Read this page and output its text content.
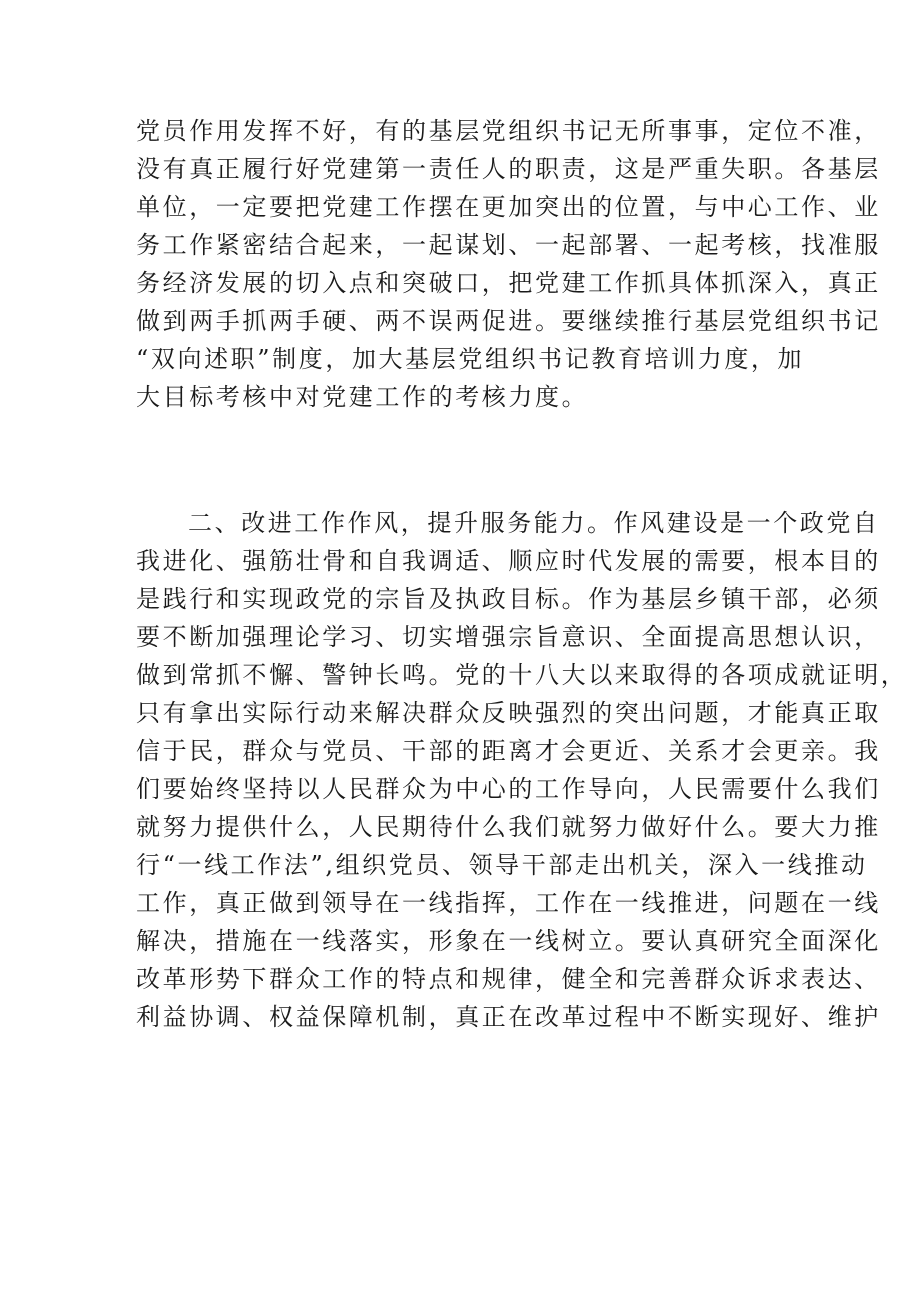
党员作用发挥不好，有的基层党组织书记无所事事，定位不准，
没有真正履行好党建第一责任人的职责，这是严重失职。各基层
单位，一定要把党建工作摆在更加突出的位置，与中心工作、业
务工作紧密结合起来，一起谋划、一起部署、一起考核，找准服
务经济发展的切入点和突破口，把党建工作抓具体抓深入，真正
做到两手抓两手硬、两不误两促进。要继续推行基层党组织书记
“双向述职”制度，加大基层党组织书记教育培训力度，加
大目标考核中对党建工作的考核力度。
二、改进工作作风，提升服务能力。作风建设是一个政党自
我进化、强筋壮骨和自我调适、顺应时代发展的需要，根本目的
是践行和实现政党的宗旨及执政目标。作为基层乡镇干部，必须
要不断加强理论学习、切实增强宗旨意识、全面提高思想认识，
做到常抓不懈、警钟长鸣。党的十八大以来取得的各项成就证明，
只有拿出实际行动来解决群众反映强烈的突出问题，才能真正取
信于民，群众与党员、干部的距离才会更近、关系才会更亲。我
们要始终坚持以人民群众为中心的工作导向，人民需要什么我们
就努力提供什么，人民期待什么我们就努力做好什么。要大力推
行“一线工作法”,组织党员、领导干部走出机关，深入一线推动
工作，真正做到领导在一线指挥，工作在一线推进，问题在一线
解决，措施在一线落实，形象在一线树立。要认真研究全面深化
改革形势下群众工作的特点和规律，健全和完善群众诉求表达、
利益协调、权益保障机制，真正在改革过程中不断实现好、维护
